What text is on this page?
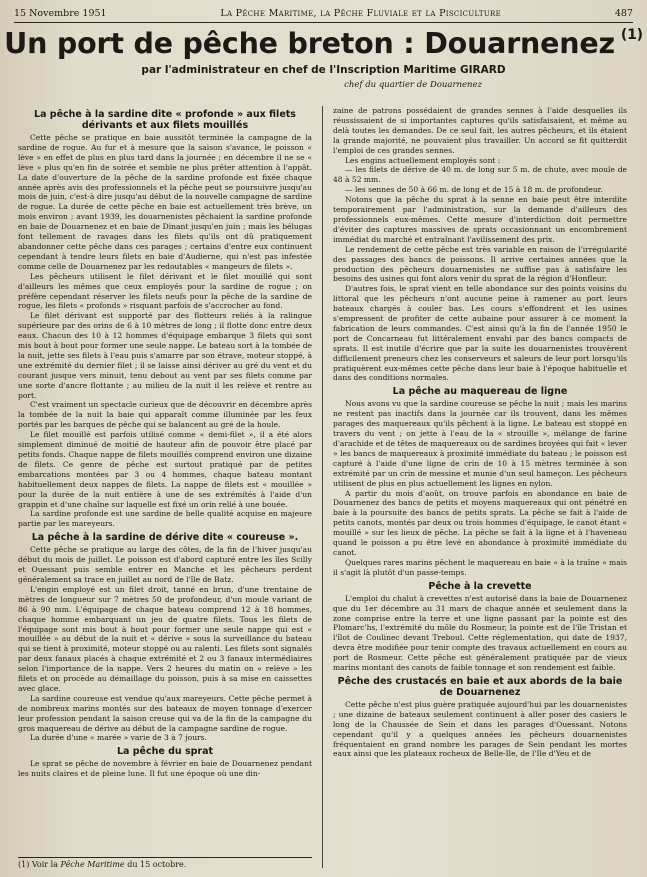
15 Novembre 1951	La Pêche Maritime, la Pêche Fluviale et la Pisciculture	487
Un port de pêche breton : Douarnenez $^{(1)}$
par l'administrateur en chef de l'Inscription Maritime GIRARD
chef du quartier de Douarnenez
La pêche à la sardine dite « profonde » aux filets dérivants et aux filets mouillés

Cette pêche se pratique en baie aussitôt terminée la campagne de la sardine de rogue. Au fur et à mesure que la saison s'avance, le poisson « lève » en effet de plus en plus tard dans la journée ; en décembre il ne se « lève » plus qu'en fin de soirée et semble ne plus prêter attention à l'appât. La date d'ouverture de la pêche de la sardine profonde est fixée chaque année après avis des professionnels et la pêche peut se poursuivre jusqu'au mois de juin, c'est-à dire jusqu'au début de la nouvelle campagne de sardine de rogue. La durée de cette pêche en baie est actuellement très brève, un mois environ ; avant 1939, les douarnenistes pêchaient la sardine profonde en baie de Douarnenez et en baie de Dinant jusqu'en juin ; mais les bélugas font tellement de ravages dans les filets qu'ils ont dû pratiquement abandonner cette pêche dans ces parages ; certains d'entre eux continuent cependant à tendre leurs filets en baie d'Audierne, qui n'est pas infestée comme celle de Douarnenez par les redoutables « mangeurs de filets ».

Les pêcheurs utilisent le filet dérivant et le filet mouillé qui sont d'ailleurs les mêmes que ceux employés pour la sardine de rogue ; on préfère cependant réserver les filets neufs pour la pêche de la sardine de rogue, les filets « profonds » risquant parfois de s'accrocher au fond.

Le filet dérivant est supporté par des flotteurs reliés à la ralingue supérieure par des orins de 6 à 10 mètres de long ; il flotte donc entre deux eaux. Chacun des 10 à 12 hommes d'équipage embarque 3 filets qui sont mis bout à bout pour former une seule nappe. Le bateau sort à la tombée de la nuit, jette ses filets à l'eau puis s'amarre par son étrave, moteur stoppé, à une extrémité du dernier filet ; il se laisse ainsi dériver au gré du vent et du courant jusque vers minuit, tenu debout au vent par ses filets comme par une sorte d'ancre flottante ; au milieu de la nuit il les relève et rentre au port.

C'est vraiment un spectacle curieux que de découvrir en décembre après la tombée de la nuit la baie qui apparaît comme illuminée par les feux portés par les barques de pêche qui se balancent au gré de la houle.

Le filet mouillé est parfois utilisé comme « demi-filet », il a été alors simplement diminué de moitié de hauteur afin de pouvoir être placé par petits fonds. Chaque nappe de filets mouillés comprend environ une dizaine de filets. Ce genre de pêche est surtout pratiqué par de petites embarcations montées par 3 ou 4 hommes, chaque bateau montant habituellement deux nappes de filets. La nappe de filets est « mouillée » pour la durée de la nuit entière à une de ses extrémités à l'aide d'un grappin et d'une chaîne sur laquelle est fixé un orin relié à une bouée.

La sardine profonde est une sardine de belle qualité acquise en majeure partie par les mareyeurs.

La pêche à la sardine de dérive dite « coureuse ».

Cette pêche se pratique au large des côtes, de la fin de l'hiver jusqu'au début du mois de juillet. Le poisson est d'abord capturé entre les îles Scilly et Ouessant puis semble entrer en Manche et les pêcheurs perdent généralement sa trace en juillet au nord de l'île de Batz.

L'engin employé est un filet droit, tanné en brun, d'une trentaine de mètres de longueur sur 7 mètres 50 de profondeur, d'un moule variant de 86 à 90 mm. L'équipage de chaque bateau comprend 12 à 18 hommes, chaque homme embarquant un jeu de quatre filets. Tous les filets de l'équipage sont mis bout à bout pour former une seule nappe qui est « mouillée » au début de la nuit et « dérive » sous la surveillance du bateau qui se tient à proximité, moteur stoppé ou au ralenti. Les filets sont signalés par deux fanaux placés à chaque extrémité et 2 ou 3 fanaux intermédiaires selon l'importance de la nappe. Vers 2 heures du matin on « relève » les filets et on procède au démaillage du poisson, puis à sa mise en caissettes avec glace.

La sardine coureuse est vendue qu'aux mareyeurs. Cette pêche permet à de nombreux marins montés sur des bateaux de moyen tonnage d'exercer leur profession pendant la saison creuse qui va de la fin de la campagne du gros maquereau de dérive au début de la campagne sardine de rogue.

La durée d'une « marée » varie de 3 à 7 jours.

La pêche du sprat

Le sprat se pêche de novembre à février en baie de Douarnenez pendant les nuits claires et de pleine lune. Il fut une époque où une din-

zaine de patrons possédaient de grandes sennes à l'aide desquelles ils réussissaient de si importantes captures qu'ils satisfaisaient, et même au delà toutes les demandes. De ce seul fait, les autres pêcheurs, et ils étaient la grande majorité, ne pouvaient plus travailler. Un accord se fit quitterdit l'emploi de ces grandes sennes.

Les engins actuellement employés sont :

— les filets de dérive de 40 m. de long sur 5 m. de chute, avec moule de 48 à 52 mm.

— les sennes de 50 à 66 m. de long et de 15 à 18 m. de profondeur.

Notons que la pêche du sprat à la senne en baie peut être interdite temporairement par l'administration, sur la demande d'ailleurs des professionnels eux-mêmes. Cette mesure d'interdiction doit permettre d'éviter des captures massives de sprats occasionnant un encombrement immédiat du marché et entraînant l'avilissement des prix.

Le rendement de cette pêche est très variable en raison de l'irrégularité des passages des bancs de poissons. Il arrive certaines années que la production des pêcheurs douarnenistes ne suffise pas à satisfaire les besoins des usines qui font alors venir du sprat de la région d'Honfleur.

D'autres fois, le sprat vient en telle abondance sur des points voisins du littoral que les pêcheurs n'ont aucune peine à ramener au port leurs bateaux chargés à couler bas. Les cours s'effondrent et les usines s'empressent de profiter de cette aubaine pour assurer à ce moment la fabrication de leurs commandes. C'est ainsi qu'à la fin de l'année 1950 le port de Concarneau fut littéralement envahi par des bancs compacts de sprats. Il est inutile d'écrire que par la suite les douarnenistes trouvèrent difficilement preneurs chez les conserveurs et saleurs de leur port lorsqu'ils pratiquèrent eux-mêmes cette pêche dans leur baie à l'époque habituelle et dans des conditions normales.

La pêche au maquereau de ligne

Nous avons vu que la sardine coureuse se pêche la nuit ; mais les marins ne restent pas inactifs dans la journée car ils trouvent, dans les mêmes parages des maquereaux qu'ils pêchent à la ligne. Le bateau est stoppé en travers du vent ; on jette à l'eau de la « strouille », mélange de farine d'arachide et de têtes de maquereaux ou de sardines broyées qui fait « lever » les bancs de maquereaux à proximité immédiate du bateau ; le poisson est capturé à l'aide d'une ligne de crin de 10 à 15 mètres terminée à son extrémité par un crin de messine et munie d'un seul hameçon. Les pêcheurs utilisent de plus en plus actuellement les lignes en nylon.

A partir du mois d'août, on trouve parfois en abondance en baie de Douarnenez des bancs de petits et moyens maquereaux qui ont pénétré en baie à la poursuite des bancs de petits sprats. La pêche se fait à l'aide de petits canots, montés par deux ou trois hommes d'équipage, le canot étant « mouillé » sur les lieux de pêche. La pêche se fait à la ligne et à l'haveneau quand le poisson a pu être levé en abondance à proximité immédiate du canot.

Quelques rares marins pêchent le maquereau en baie « à la traîne » mais il s'agit là plutôt d'un passe-temps.

Pêche à la crevette

L'emploi du chalut à crevettes n'est autorisé dans la baie de Douarnenez que du 1er décembre au 31 mars de chaque année et seulement dans la zone comprise entre la terre et une ligne passant par la pointe est des Plomarc'hs, l'extrémité du môle du Rosmeur, la pointe est de l'île Tristan et l'îlot de Coulinec devant Treboul. Cette réglementation, qui date de 1937, devra être modifiée pour tenir compte des travaux actuellement en cours au port de Rosmeur. Cette pêche est généralement pratiquée par de vieux marins montant des canots de faible tonnage et son rendement est faible.

Pêche des crustacés en baie et aux abords de la baie de Douarnenez

Cette pêche n'est plus guère pratiquée aujourd'hui par les douarnenistes ; une dizaine de bateaux seulement continuent à aller poser des casiers le long de la Chaussée de Sein et dans les parages d'Ouessant. Notons cependant qu'il y a quelques années les pêcheurs douarnenistes fréquentaient en grand nombre les parages de Sein pendant les mortes eaux ainsi que les plateaux rocheux de Belle-Ile, de l'Ile d'Yeu et de

(1) Voir la Pêche Maritime du 15 octobre.
